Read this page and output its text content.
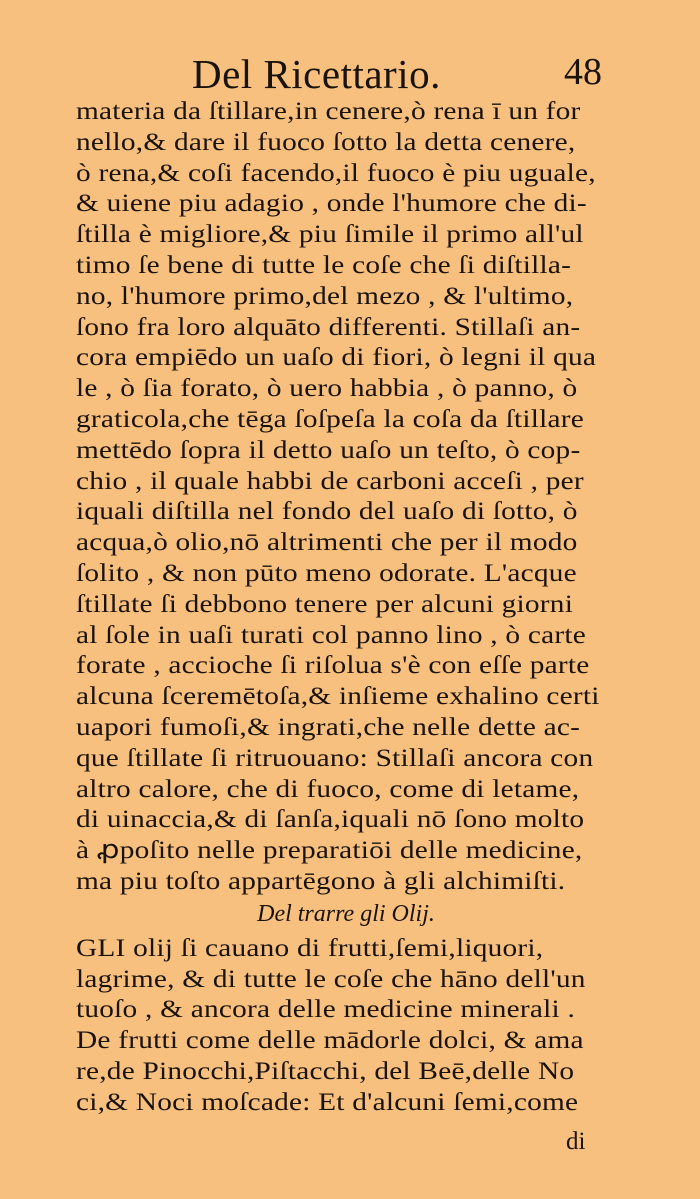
Del Ricettario.	48
materia da ſtillare,in cenere,ò rena ī un for
nello,& dare il fuoco ſotto la detta cenere,
ò rena,& coſi facendo,il fuoco è piu uguale,
& uiene piu adagio , onde l'humore che di-
ſtilla è migliore,& piu ſimile il primo all'ul
timo ſe bene di tutte le coſe che ſi diſtilla-
no, l'humore primo,del mezo , & l'ultimo,
ſono fra loro alquāto differenti. Stillaſi an-
cora empiēdo un uaſo di fiori, ò legni il qua
le , ò ſia forato, ò uero habbia , ò panno, ò
graticola,che tēga ſoſpeſa la coſa da ſtillare
mettēdo ſopra il detto uaſo un teſto, ò cop-
chio , il quale habbi de carboni acceſi , per
iquali diſtilla nel fondo del uaſo di ſotto, ò
acqua,ò olio,nō altrimenti che per il modo
ſolito , & non pūto meno odorate. L'acque
ſtillate ſi debbono tenere per alcuni giorni
al ſole in uaſi turati col panno lino , ò carte
forate , accioche ſi riſolua s'è con eſſe parte
alcuna ſceremētoſa,& inſieme exhalino certi
uapori fumoſi,& ingrati,che nelle dette ac-
que ſtillate ſi ritruouano: Stillaſi ancora con
altro calore, che di fuoco, come di letame,
di uinaccia,& di ſanſa,iquali nō ſono molto
à ꝓpoſito nelle preparatiōi delle medicine,
ma piu toſto appartēgono à gli alchimiſti.
Del trarre gli Olij.
GLI olij ſi cauano di frutti,ſemi,liquori,
lagrime, & di tutte le coſe che hāno dell'un
tuoſo , & ancora delle medicine minerali .
De frutti come delle mādorle dolci, & ama
re,de Pinocchi,Piſtacchi, del Beē,delle No
ci,& Noci moſcade: Et d'alcuni ſemi,come
di
